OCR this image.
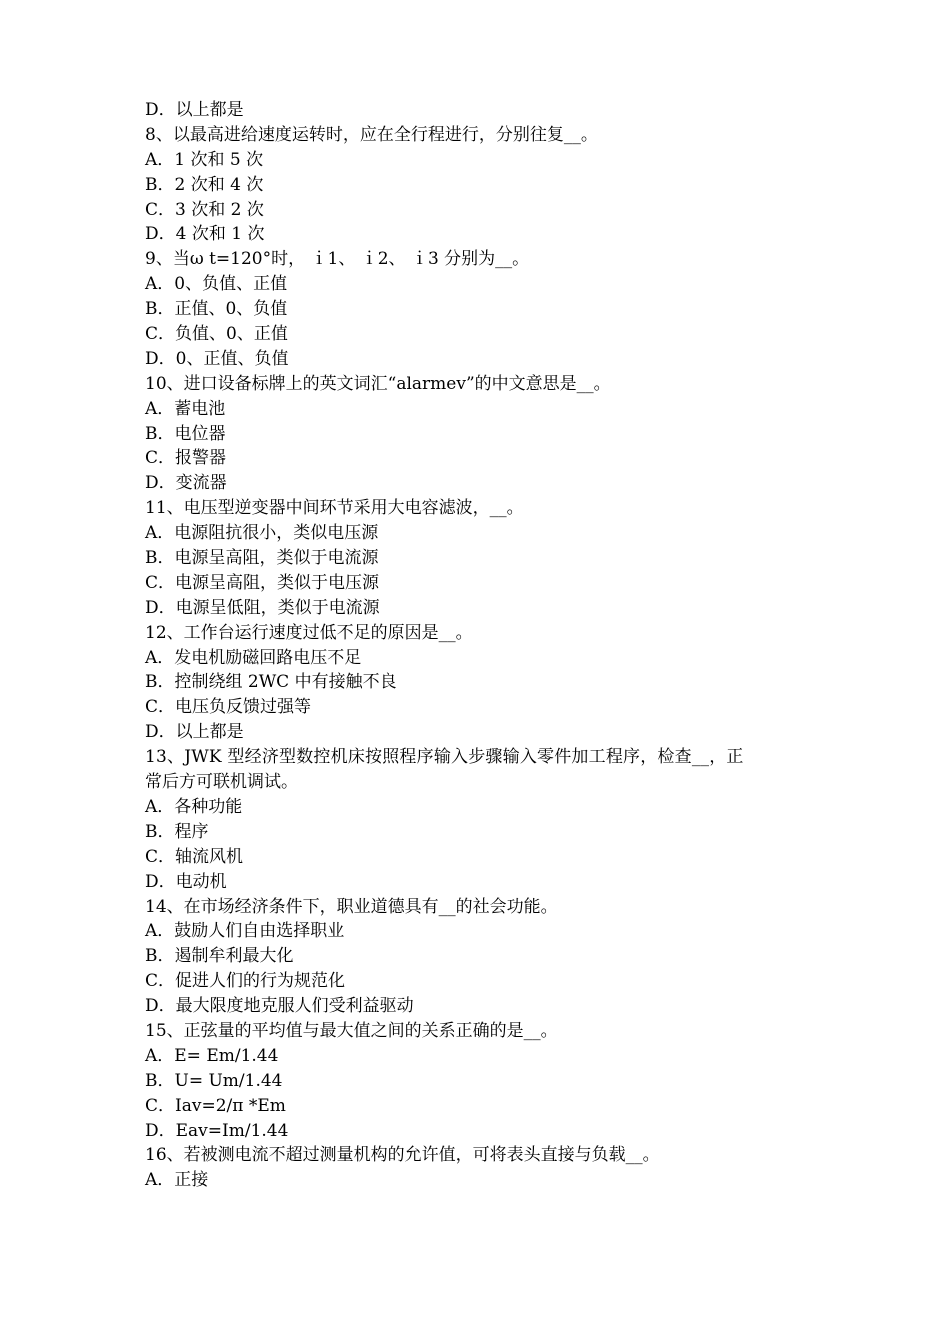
D．以上都是
8、以最高进给速度运转时，应在全行程进行，分别往复__。
A．1 次和 5 次
B．2 次和 4 次
C．3 次和 2 次
D．4 次和 1 次
9、当ω t=120°时， ｉ1、 ｉ2、 ｉ3 分别为__。
A．0、负值、正值
B．正值、0、负值
C．负值、0、正值
D．0、正值、负值
10、进口设备标牌上的英文词汇“alarmev”的中文意思是__。
A．蓄电池
B．电位器
C．报警器
D．变流器
11、电压型逆变器中间环节采用大电容滤波，__。
A．电源阻抗很小，类似电压源
B．电源呈高阻，类似于电流源
C．电源呈高阻，类似于电压源
D．电源呈低阻，类似于电流源
12、工作台运行速度过低不足的原因是__。
A．发电机励磁回路电压不足
B．控制绕组 2WC 中有接触不良
C．电压负反馈过强等
D．以上都是
13、JWK 型经济型数控机床按照程序输入步骤输入零件加工程序，检查__，正
常后方可联机调试。
A．各种功能
B．程序
C．轴流风机
D．电动机
14、在市场经济条件下，职业道德具有__的社会功能。
A．鼓励人们自由选择职业
B．遏制牟利最大化
C．促进人们的行为规范化
D．最大限度地克服人们受利益驱动
15、正弦量的平均值与最大值之间的关系正确的是__。
A．E= Em/1.44
B．U= Um/1.44
C．Iav=2/π *Em
D．Eav=Im/1.44
16、若被测电流不超过测量机构的允许值，可将表头直接与负载__。
A．正接
